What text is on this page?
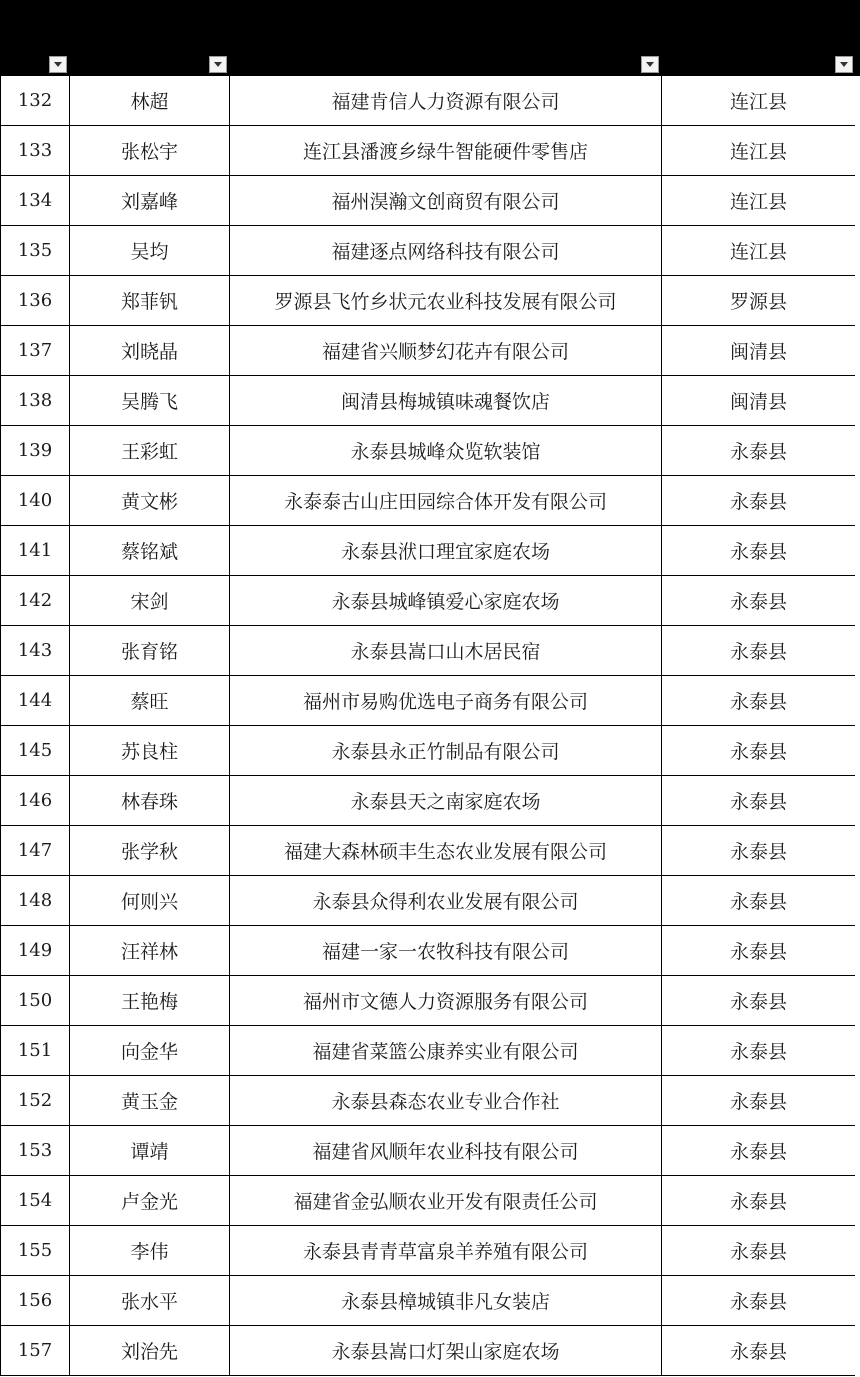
132	林超	福建肯信人力资源有限公司	连江县
133	张松宇	连江县潘渡乡绿牛智能硬件零售店	连江县
134	刘嘉峰	福州淏瀚文创商贸有限公司	连江县
135	吴均	福建逐点网络科技有限公司	连江县
136	郑菲钒	罗源县飞竹乡状元农业科技发展有限公司	罗源县
137	刘晓晶	福建省兴顺梦幻花卉有限公司	闽清县
138	吴腾飞	闽清县梅城镇味魂餐饮店	闽清县
139	王彩虹	永泰县城峰众览软装馆	永泰县
140	黄文彬	永泰泰古山庄田园综合体开发有限公司	永泰县
141	蔡铭斌	永泰县洑口理宜家庭农场	永泰县
142	宋剑	永泰县城峰镇爱心家庭农场	永泰县
143	张育铭	永泰县嵩口山木居民宿	永泰县
144	蔡旺	福州市易购优选电子商务有限公司	永泰县
145	苏良柱	永泰县永正竹制品有限公司	永泰县
146	林春珠	永泰县天之南家庭农场	永泰县
147	张学秋	福建大森林硕丰生态农业发展有限公司	永泰县
148	何则兴	永泰县众得利农业发展有限公司	永泰县
149	汪祥林	福建一家一农牧科技有限公司	永泰县
150	王艳梅	福州市文德人力资源服务有限公司	永泰县
151	向金华	福建省菜篮公康养实业有限公司	永泰县
152	黄玉金	永泰县森态农业专业合作社	永泰县
153	谭靖	福建省风顺年农业科技有限公司	永泰县
154	卢金光	福建省金弘顺农业开发有限责任公司	永泰县
155	李伟	永泰县青青草富泉羊养殖有限公司	永泰县
156	张水平	永泰县樟城镇非凡女装店	永泰县
157	刘治先	永泰县嵩口灯架山家庭农场	永泰县
